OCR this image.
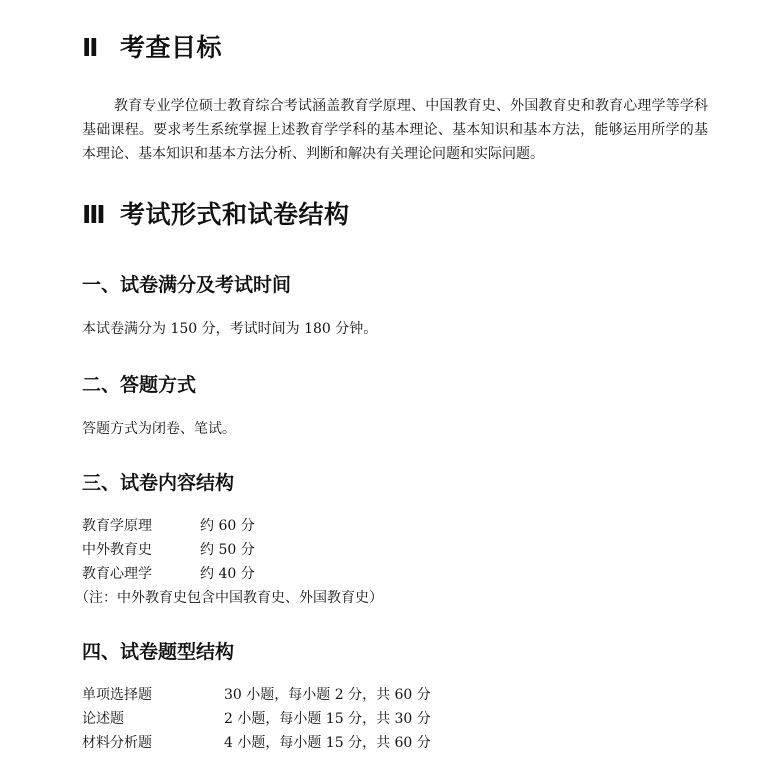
Ⅱ 考查目标

教育专业学位硕士教育综合考试涵盖教育学原理、中国教育史、外国教育史和教育心理学等学科基础课程。要求考生系统掌握上述教育学学科的基本理论、基本知识和基本方法，能够运用所学的基本理论、基本知识和基本方法分析、判断和解决有关理论问题和实际问题。

Ⅲ 考试形式和试卷结构
一、试卷满分及考试时间
本试卷满分为 150 分，考试时间为 180 分钟。
二、答题方式
答题方式为闭卷、笔试。
三、试卷内容结构
教育学原理	约 60 分
中外教育史	约 50 分
教育心理学	约 40 分
（注：中外教育史包含中国教育史、外国教育史）
四、试卷题型结构
单项选择题	30 小题，每小题 2 分，共 60 分
论述题	2 小题，每小题 15 分，共 30 分
材料分析题	4 小题，每小题 15 分，共 60 分
